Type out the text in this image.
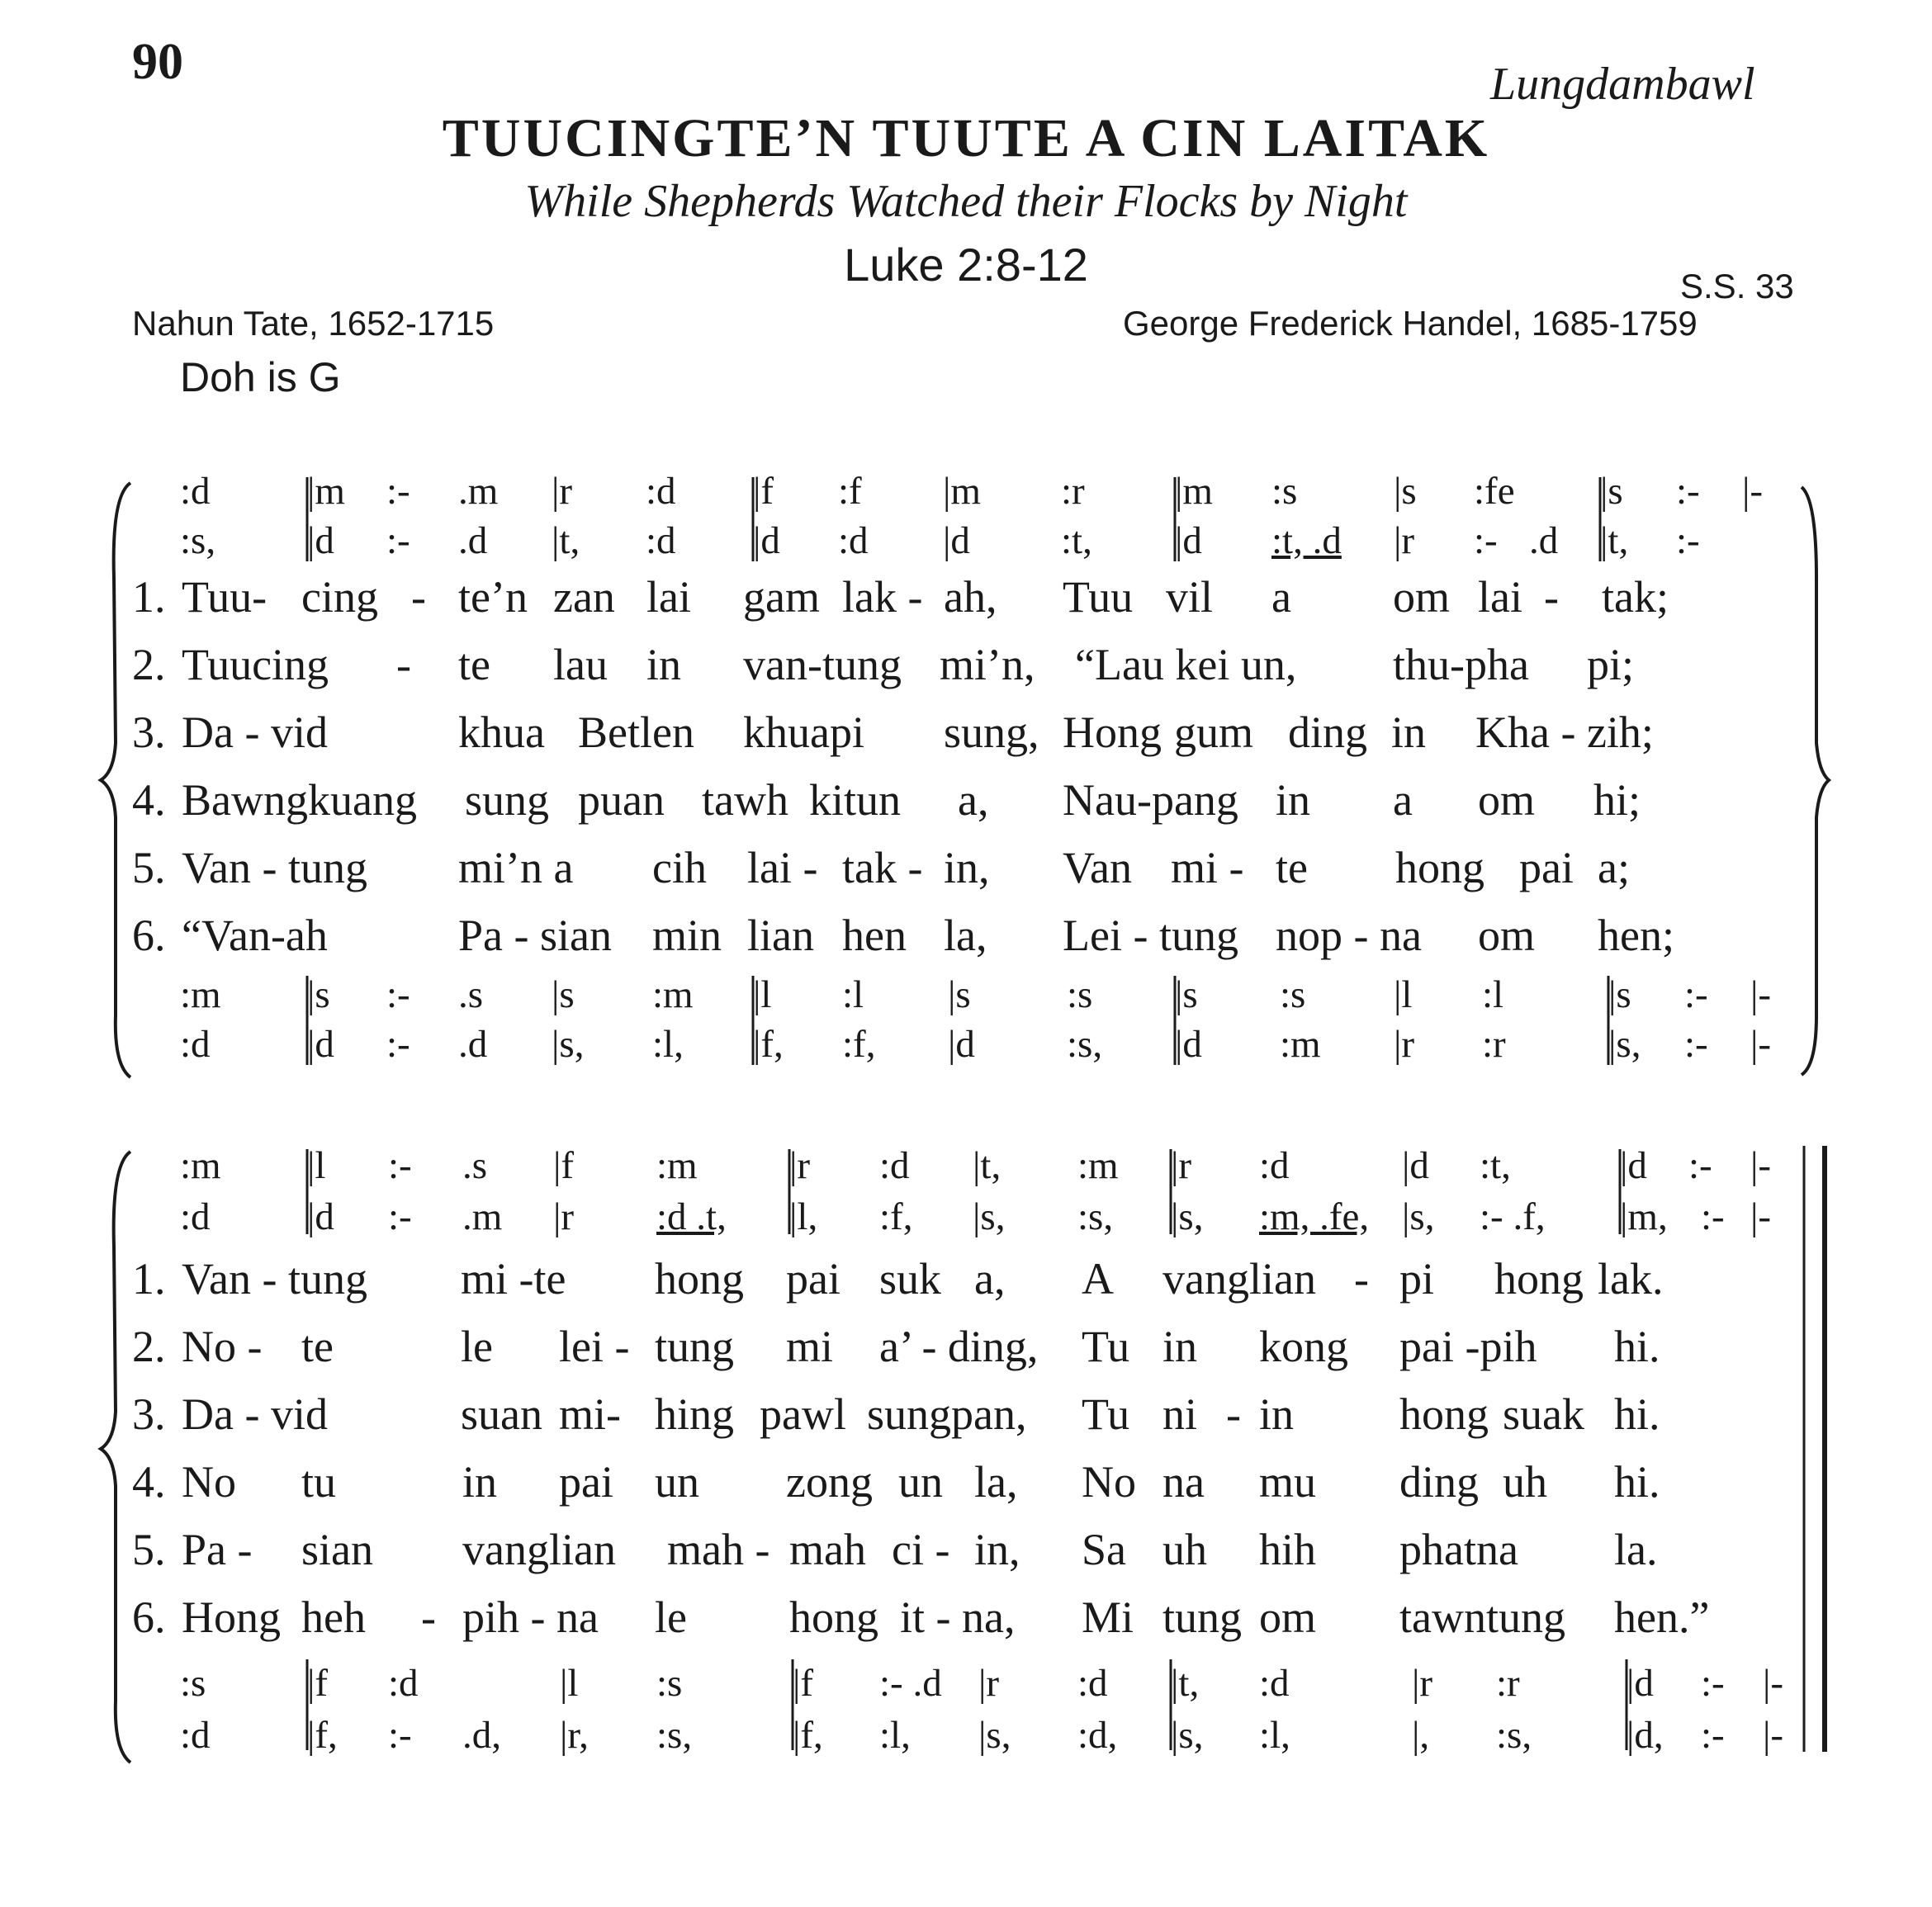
90	Lungdambawl
TUUCINGTE’N TUUTE A CIN LAITAK
While Shepherds Watched their Flocks by Night
Luke 2:8-12	S.S. 33
Nahun Tate, 1652-1715	George Frederick Handel, 1685-1759
Doh is G
:d |m :- .m |r :d |f :f |m :r |m :s |s :fe |s :- |-
:s, |d :- .d |t, :d |d :d |d :t, |d :t, .d |r :- .d |t, :-
1. Tuu- cing - te’n zan lai gam lak - ah, Tuu vil a om lai - tak;
2. Tuucing - te lau in van-tung mi’n, “Lau kei un, thu-pha pi;
3. Da - vid	khua Betlen khuapi sung, Hong gum ding in Kha - zih;
4. Bawngkuang sung puan tawh kitun a, Nau-pang in a om hi;
5. Van - tung mi’n a cih lai - tak - in, Van mi - te hong pai a;
6. “Van-ah	Pa - sian min lian hen la, Lei - tung nop - na om hen;
:m |s :- .s |s :m |l :l |s :s |s :s |l :l	|s :- |-
:d |d :- .d |s, :l, |f, :f, |d :s, |d :m |r :r	|s, :- |-
:m |l :- .s |f :m |r :d |t, :m |r :d	|d :t,	|d :- |-
:d |d :- .m |r :d .t, |l, :f, |s, :s, |s, :m, .fe, |s, :- .f, |m, :- |-
1. Van - tung mi -te hong pai suk a, A vanglian - pi hong lak.
2. No - te	le lei - tung mi a’ - ding, Tu in kong pai -pih hi.
3. Da - vid	suan mi- hing pawl sungpan, Tu ni - in hong suak hi.
4. No tu	in pai un zong un la, No na mu ding uh hi.
5. Pa - sian vanglian mah - mah ci - in, Sa uh hih phatna la.
6. Hong heh - pih - na le hong it - na, Mi tung om tawntung hen.”
:s	|f :d	|l :s	|f :- .d |r :d |t, :d	|r :r	|d :- |-
:d |f, :- .d, |r, :s,	|f, :l, |s, :d, |s, :l,	|, :s, |d, :- |-
